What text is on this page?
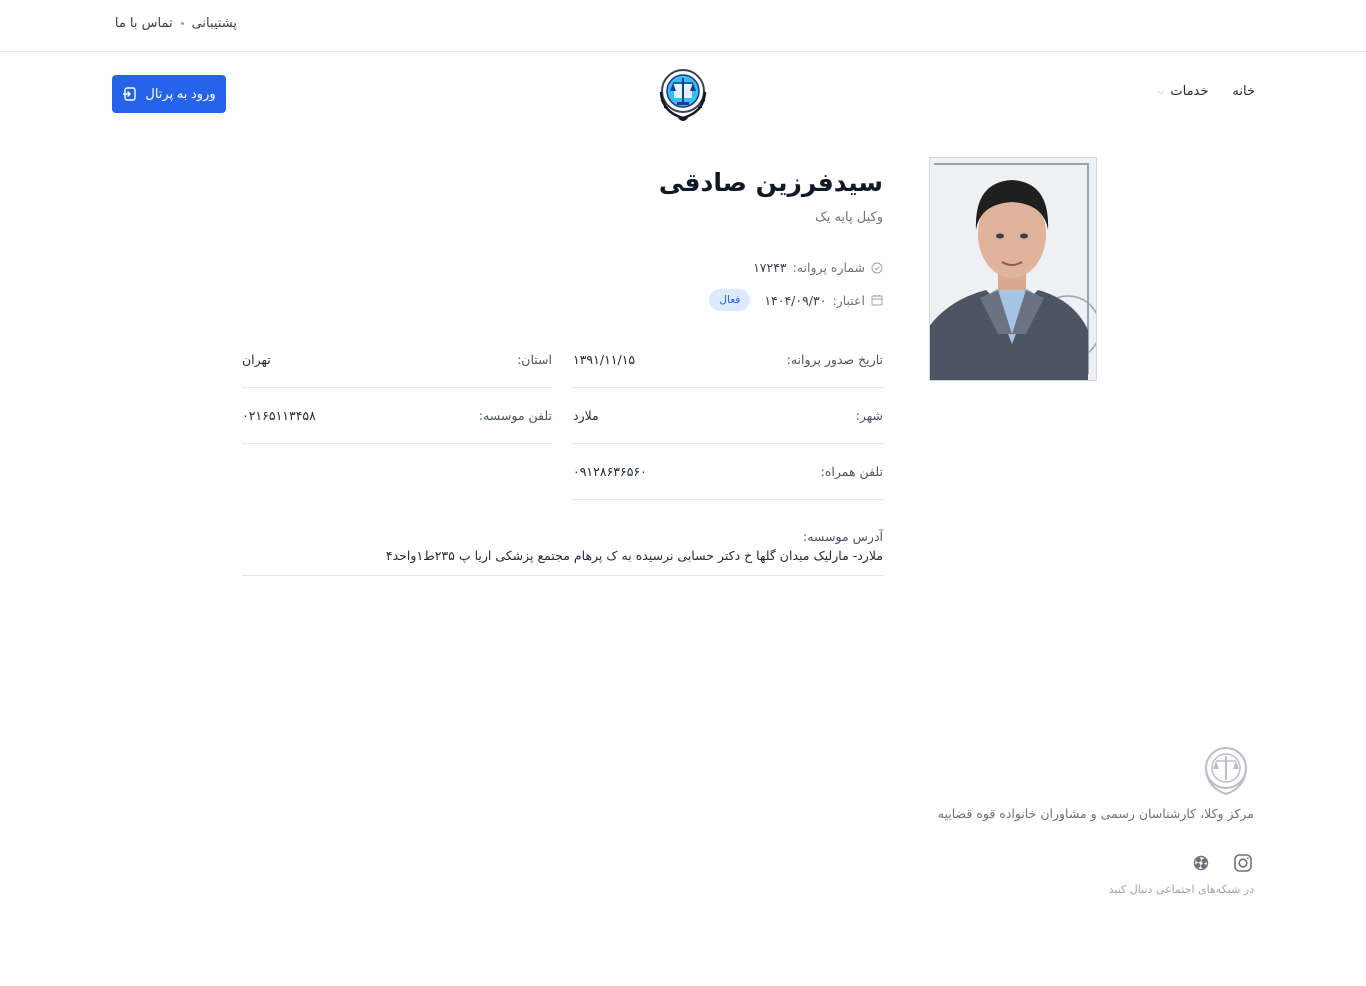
پشتیبانی
تماس با ما
خانه
خدمات
⌵
ورود به پرتال
سیدفرزین صادقی
وکیل پایه یک
شماره پروانه:
۱۷۲۴۳
اعتبار:
۱۴۰۴/۰۹/۳۰
فعال
تاریخ صدور پروانه:
۱۳۹۱/۱۱/۱۵
استان:
تهران
شهر:
ملارد
تلفن موسسه:
۰۲۱۶۵۱۱۳۴۵۸
تلفن همراه:
۰۹۱۲۸۶۳۶۵۶۰
آدرس موسسه:
ملارد- مارلیک میدان گلها خ دکتر حسابی نرسیده به ک پرهام مجتمع پزشکی اریا پ ۲۳۵ط۱واحد۴
مرکز وکلا، کارشناسان رسمی و مشاوران خانواده قوه قضاییه
در شبکه‌های اجتماعی دنبال کنید
